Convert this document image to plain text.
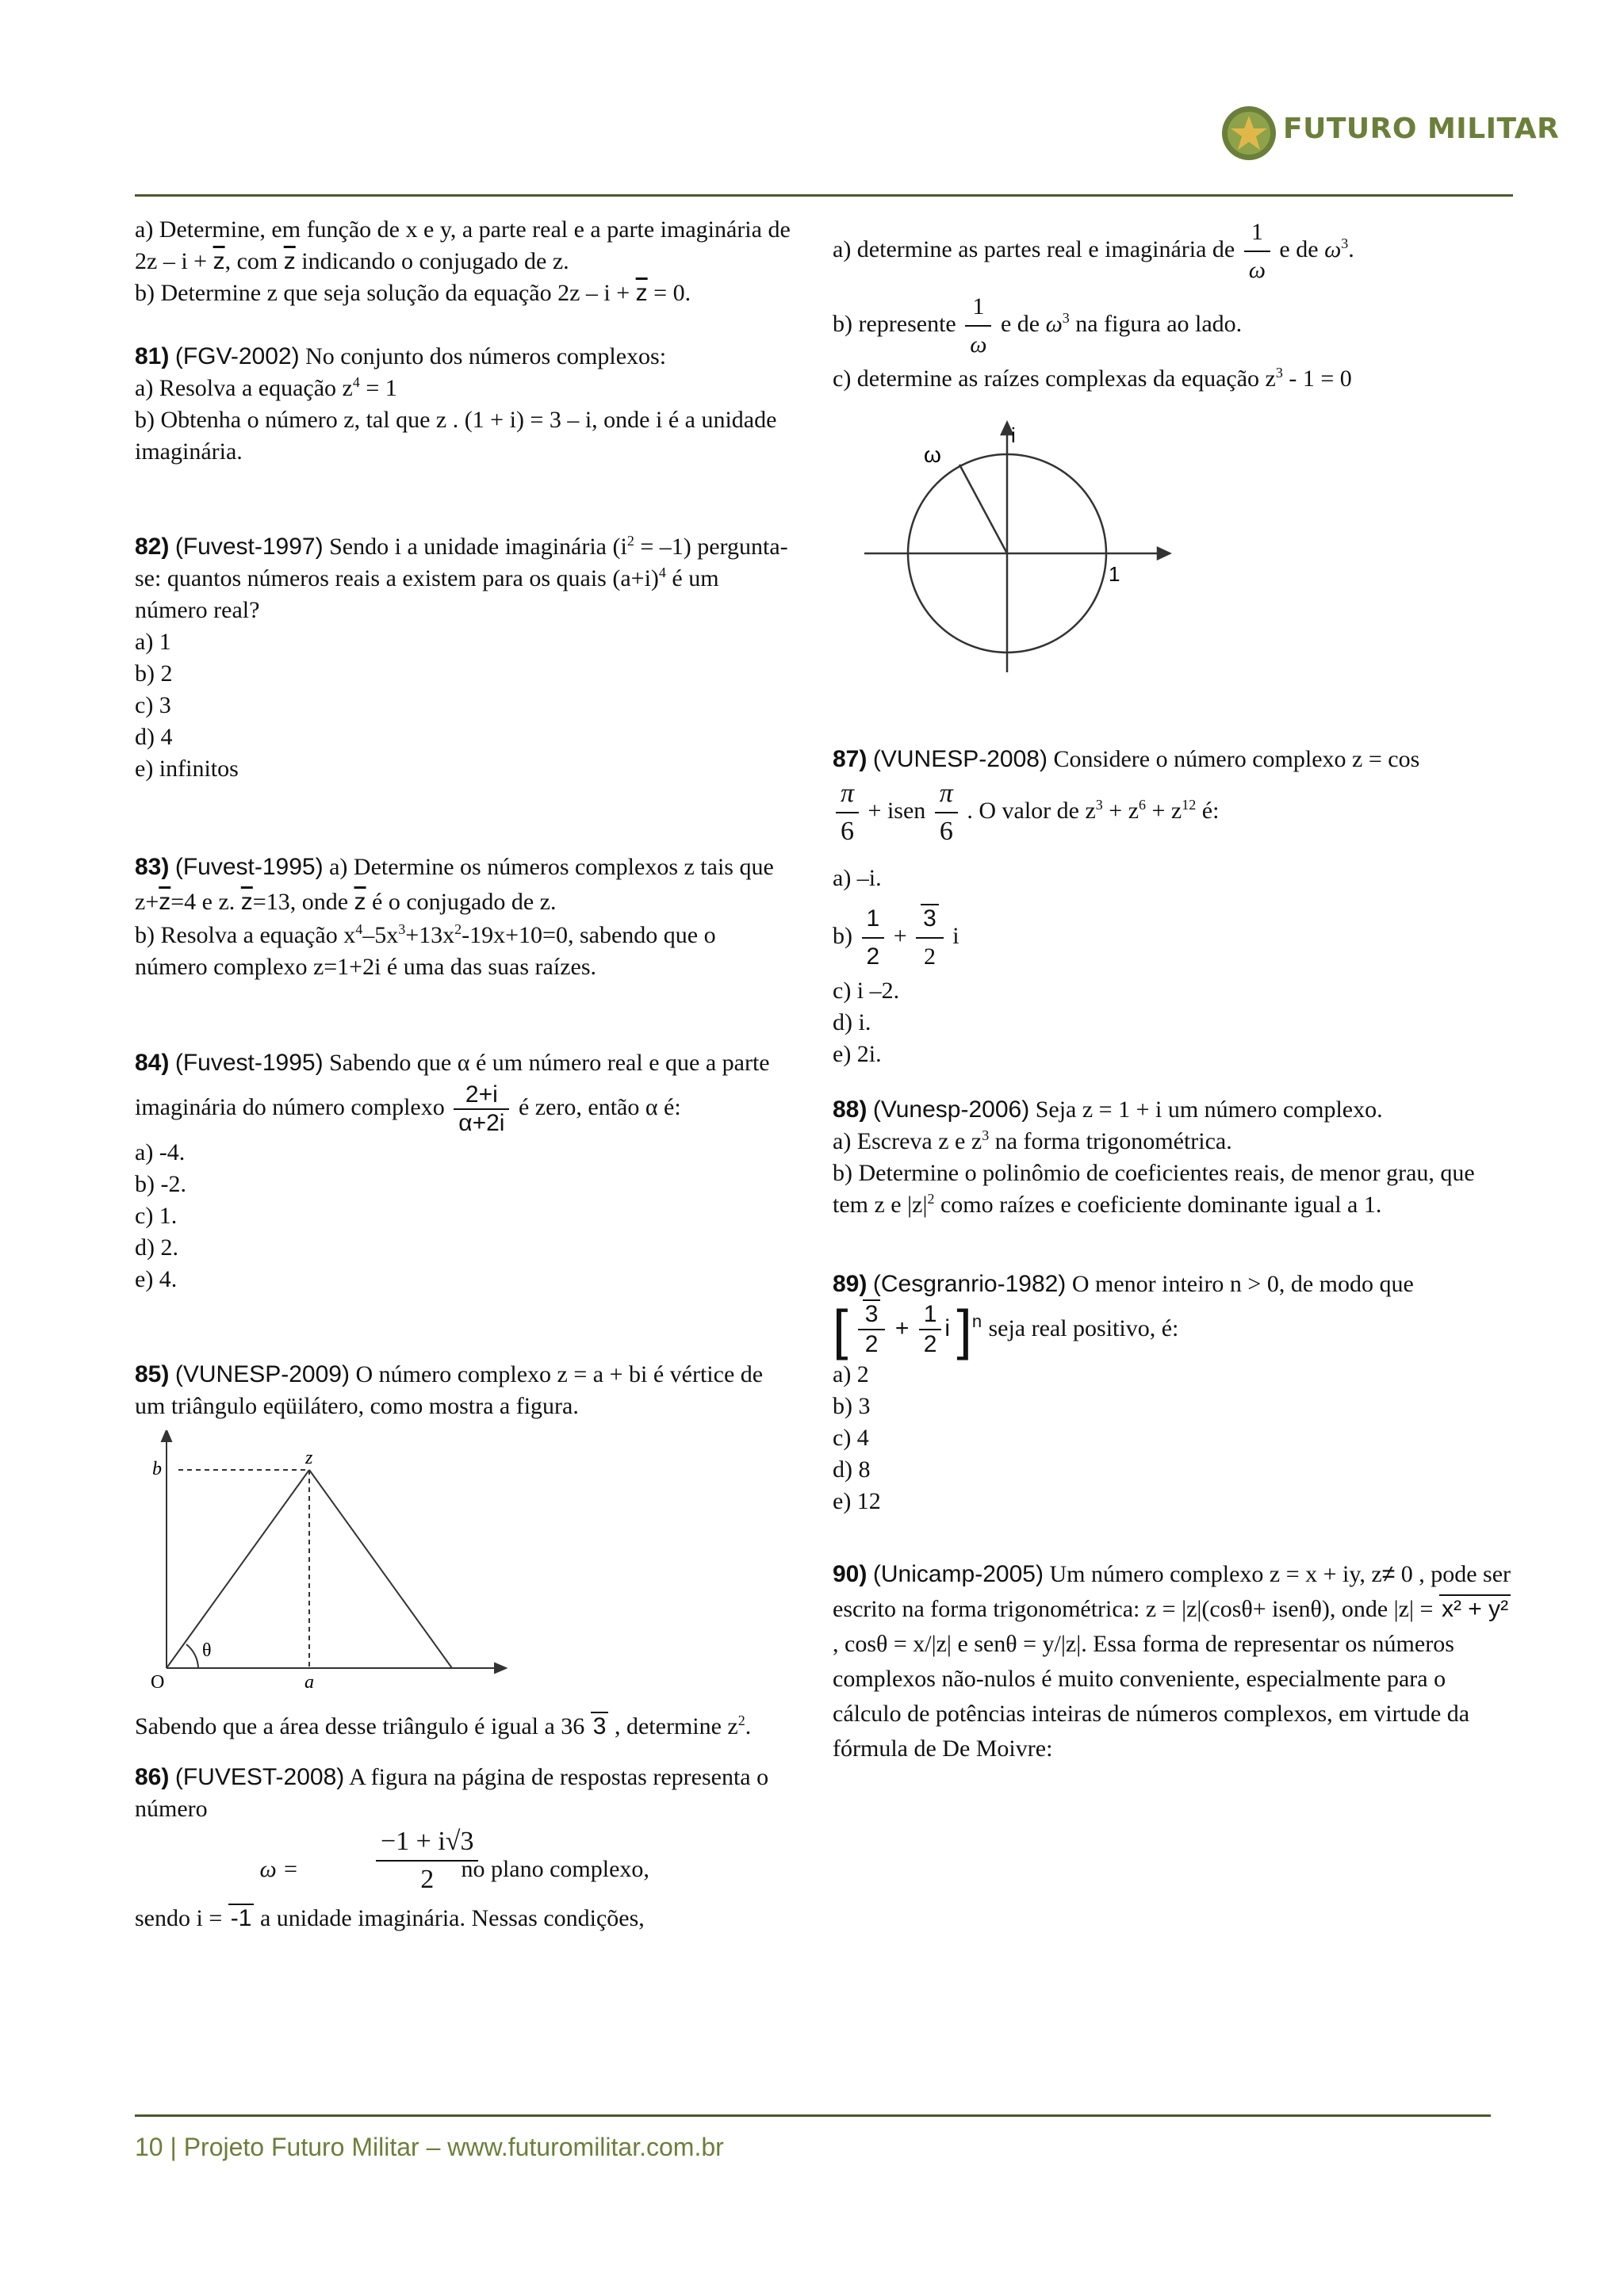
FUTURO MILITAR

a) Determine, em função de x e y, a parte real e a parte imaginária de $2z - i + \overline{z}$, com $\overline{z}$ indicando o conjugado de z.

b) Determine z que seja solução da equação $2z - i + \overline{z} = 0$.

81) (FGV-2002) No conjunto dos números complexos:

a) Resolva a equação $z^4 = 1$

b) Obtenha o número z, tal que z . (1 + i) = 3 – i, onde i é a unidade imaginária.

82) (Fuvest-1997) Sendo i a unidade imaginária $(i^2 = -1)$ pergunta-se: quantos números reais a existem para os quais $(a+i)^4$ é um número real?

a) 1

b) 2

c) 3

d) 4

e) infinitos

83) (Fuvest-1995) a) Determine os números complexos z tais que $z+\overline{z}=4$ e z. $\overline{z}=13$, onde $\overline{z}$ é o conjugado de z.

b) Resolva a equação $x^4-5x^3+13x^2-19x+10=0$, sabendo que o número complexo z=1+2i é uma das suas raízes.

84) (Fuvest-1995) Sabendo que α é um número real e que a parte imaginária do número complexo $\frac{2+i}{\alpha+2i}$ é zero, então α é:

a) -4.

b) -2.

c) 1.

d) 2.

e) 4.

85) (VUNESP-2009) O número complexo z = a + bi é vértice de um triângulo eqüilátero, como mostra a figura.

b
z
θ
O	a

Sabendo que a área desse triângulo é igual a 36 3 , determine $z^2$.

86) (FUVEST-2008) A figura na página de respostas representa o número

$\frac{-1 + i√3}{2}$

ω =	no plano complexo,

sendo i = -1 a unidade imaginária. Nessas condições,

a) determine as partes real e imaginária de $\frac{1}{\omega}$ e de $\omega^3$.

b) represente $\frac{1}{\omega}$ e de $\omega^3$ na figura ao lado.

c) determine as raízes complexas da equação $z^3 - 1 = 0$

ω
i
1

87) (VUNESP-2008) Considere o número complexo z = cos

$\frac{\pi}{6}$ + isen $\frac{\pi}{6}$ . O valor de $z^3 + z^6 + z^{12}$ é:

a) –i.

$b) \frac{1}{2} + \frac{3}{2}$ i

c) i –2.

d) i.

e) 2i.

88) (Vunesp-2006) Seja z = 1 + i um número complexo.

a) Escreva z e $z^3$ na forma trigonométrica.

b) Determine o polinômio de coeficientes reais, de menor grau, que tem z e $|z|^2$ como raízes e coeficiente dominante igual a 1.

89) (Cesgranrio-1982) O menor inteiro n > 0, de modo que

[ $\frac{3}{2} + \frac{1}{2}$ i ]$^n$ seja real positivo, é:

a) 2

b) 3

c) 4

d) 8

e) 12

90) (Unicamp-2005) Um número complexo z = x + iy, z≠ 0 , pode ser escrito na forma trigonométrica: z = |z|(cosθ+ isenθ), onde |z| = x² + y² , cosθ = x/|z| e senθ = y/|z|. Essa forma de representar os números complexos não-nulos é muito conveniente, especialmente para o cálculo de potências inteiras de números complexos, em virtude da fórmula de De Moivre:

10 | Projeto Futuro Militar – www.futuromilitar.com.br
